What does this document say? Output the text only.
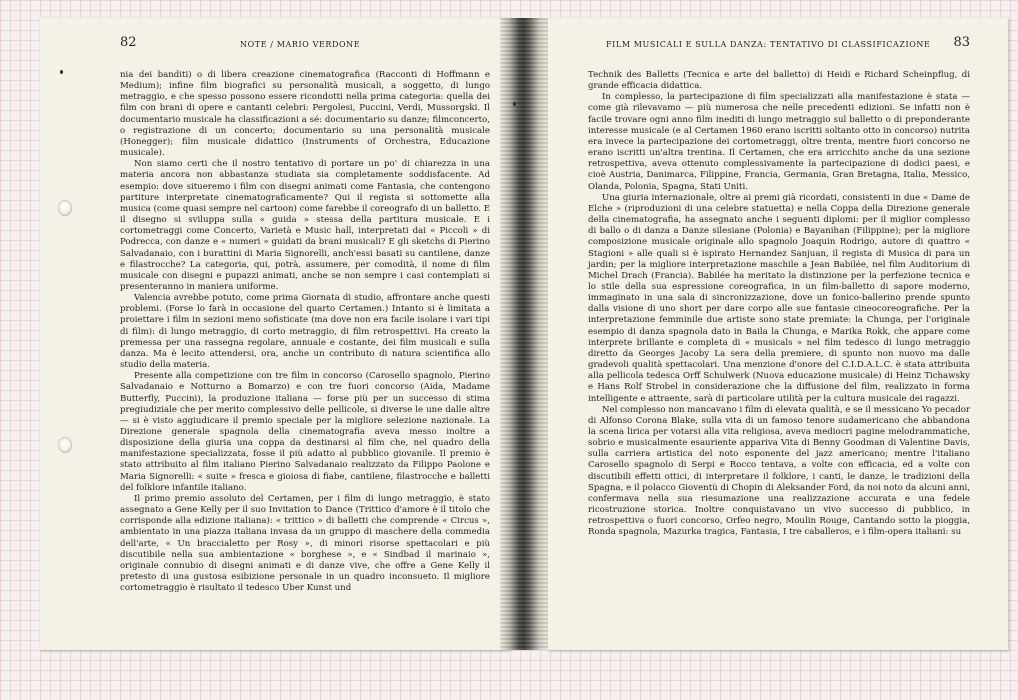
82	NOTE / MARIO VERDONE

nia dei banditi) o di libera creazione cinematografica (Racconti di Hoffmann e Medium); infine film biografici su personalità musicali, a soggetto, di lungo metraggio, e che spesso possono essere ricondotti nella prima categoria: quella dei film con brani di opere e cantanti celebri: Pergolesi, Puccini, Verdi, Mussorgski. Il documentario musicale ha classificazioni a sé: documentario su danze; filmconcerto, o registrazione di un concerto; documentario su una personalità musicale (Honegger); film musicale didattico (Instruments of Orchestra, Educazione musicale).

Non siamo certi che il nostro tentativo di portare un po' di chiarezza in una materia ancora non abbastanza studiata sia completamente soddisfacente. Ad esempio: dove situeremo i film con disegni animati come Fantasia, che contengono partiture interpretate cinematograficamente? Qui il regista si sottomette alla musica (come quasi sempre nel cartoon) come farebbe il coreografo di un balletto. E il disegno si sviluppa sulla « guida » stessa della partitura musicale. E i cortometraggi come Concerto, Varietà e Music hall, interpretati dai « Piccoli » di Podrecca, con danze e « numeri » guidati da brani musicali? E gli sketchs di Pierino Salvadanaio, con i burattini di Maria Signorelli, anch'essi basati su cantilene, danze e filastrocche? La categoria, qui, potrà, assumere, per comodità, il nome di film musicale con disegni e pupazzi animati, anche se non sempre i casi contemplati si presenteranno in maniera uniforme.

Valencia avrebbe potuto, come prima Giornata di studio, affrontare anche questi problemi. (Forse lo farà in occasione del quarto Certamen.) Intanto si è limitata a proiettare i film in sezioni meno sofisticate (ma dove non era facile isolare i vari tipi di film): di lungo metraggio, di corto metraggio, di film retrospettivi. Ha creato la premessa per una rassegna regolare, annuale e costante, dei film musicali e sulla danza. Ma è lecito attendersi, ora, anche un contributo di natura scientifica allo studio della materia.

Presente alla competizione con tre film in concorso (Carosello spagnolo, Pierino Salvadanaio e Notturno a Bomarzo) e con tre fuori concorso (Aida, Madame Butterfly, Puccini), la produzione italiana — forse più per un successo di stima pregiudiziale che per merito complessivo delle pellicole, si diverse le une dalle altre — si è visto aggiudicare il premio speciale per la migliore selezione nazionale. La Direzione generale spagnola della cinematografia aveva messo inoltre a disposizione della giuria una coppa da destinarsi al film che, nel quadro della manifestazione specializzata, fosse il più adatto al pubblico giovanile. Il premio è stato attribuito al film italiano Pierino Salvadanaio realizzato da Filippo Paolone e Maria Signorelli: « suite » fresca e gioiosa di fiabe, cantilene, filastrocche e balletti del folklore infantile italiano.

Il primo premio assoluto del Certamen, per i film di lungo metraggio, è stato assegnato a Gene Kelly per il suo Invitation to Dance (Trittico d'amore è il titolo che corrisponde alla edizione italiana): « trittico » di balletti che comprende « Circus », ambientato in una piazza italiana invasa da un gruppo di maschere della commedia dell'arte, « Un braccialetto per Rosy », di minori risorse spettacolari e più discutibile nella sua ambientazione « borghese », e « Sindbad il marinaio », originale connubio di disegni animati e di danze vive, che offre a Gene Kelly il pretesto di una gustosa esibizione personale in un quadro inconsueto. Il migliore cortometraggio è risultato il tedesco Uber Kunst und

FILM MUSICALI E SULLA DANZA: TENTATIVO DI CLASSIFICAZIONE 83

Technik des Balletts (Tecnica e arte del balletto) di Heidi e Richard Scheinpflug, di grande efficacia didattica.

In complesso, la partecipazione di film specializzati alla manifestazione è stata — come già rilevavamo — più numerosa che nelle precedenti edizioni. Se infatti non è facile trovare ogni anno film inediti di lungo metraggio sul balletto o di preponderante interesse musicale (e al Certamen 1960 erano iscritti soltanto otto in concorso) nutrita era invece la partecipazione dei cortometraggi, oltre trenta, mentre fuori concorso ne erano iscritti un'altra trentina. Il Certamen, che era arricchito anche da una sezione retrospettiva, aveva ottenuto complessivamente la partecipazione di dodici paesi, e cioè Austria, Danimarca, Filippine, Francia, Germania, Gran Bretagna, Italia, Messico, Olanda, Polonia, Spagna, Stati Uniti.

Una giuria internazionale, oltre ai premi già ricordati, consistenti in due « Dame de Elche » (riproduzioni di una celebre statuetta) e nella Coppa della Direzione generale della cinematografia, ha assegnato anche i seguenti diplomi: per il miglior complesso di ballo o di danza a Danze silesiane (Polonia) e Bayanihan (Filippine); per la migliore composizione musicale originale allo spagnolo Joaquin Rodrigo, autore di quattro « Stagioni » alle quali si è ispirato Hernandez Sanjuan, il regista di Musica di para un jardin; per la migliore interpretazione maschile a Jean Babilée, nel film Auditorium di Michel Drach (Francia). Babilée ha meritato la distinzione per la perfezione tecnica e lo stile della sua espressione coreografica, in un film-balletto di sapore moderno, immaginato in una sala di sincronizzazione, dove un fonico-ballerino prende spunto dalla visione di uno short per dare corpo alle sue fantasie cineocoreografiche. Per la interpretazione femminile due artiste sono state premiate: la Chunga, per l'originale esempio di danza spagnola dato in Baila la Chunga, e Marika Rokk, che appare come interprete brillante e completa di « musicals » nel film tedesco di lungo metraggio diretto da Georges Jacoby La sera della premiere, di spunto non nuovo ma dalle gradevoli qualità spettacolari. Una menzione d'onore del C.I.D.A.L.C. è stata attribuita alla pellicola tedesca Orff Schulwerk (Nuova educazione musicale) di Heinz Tichawsky e Hans Rolf Strobel in considerazione che la diffusione del film, realizzato in forma intelligente e attraente, sarà di particolare utilità per la cultura musicale dei ragazzi.

Nel complesso non mancavano i film di elevata qualità, e se il messicano Yo pecador di Alfonso Corona Blake, sulla vita di un famoso tenore sudamericano che abbandona la scena lirica per votarsi alla vita religiosa, aveva mediocri pagine melodrammatiche, sobrio e musicalmente esauriente appariva Vita di Benny Goodman di Valentine Davis, sulla carriera artistica del noto esponente del jazz americano; mentre l'italiano Carosello spagnolo di Serpi e Rocco tentava, a volte con efficacia, ed a volte con discutibili effetti ottici, di interpretare il folklore, i canti, le danze, le tradizioni della Spagna, e il polacco Gioventù di Chopin di Aleksander Ford, da noi noto da alcuni anni, confermava nella sua riesumazione una realizzazione accurata e una fedele ricostruzione storica. Inoltre conquistavano un vivo successo di pubblico, in retrospettiva o fuori concorso, Orfeo negro, Moulin Rouge, Cantando sotto la pioggia, Ronda spagnola, Mazurka tragica, Fantasia, I tre caballeros, e i film-opera italiani: su
